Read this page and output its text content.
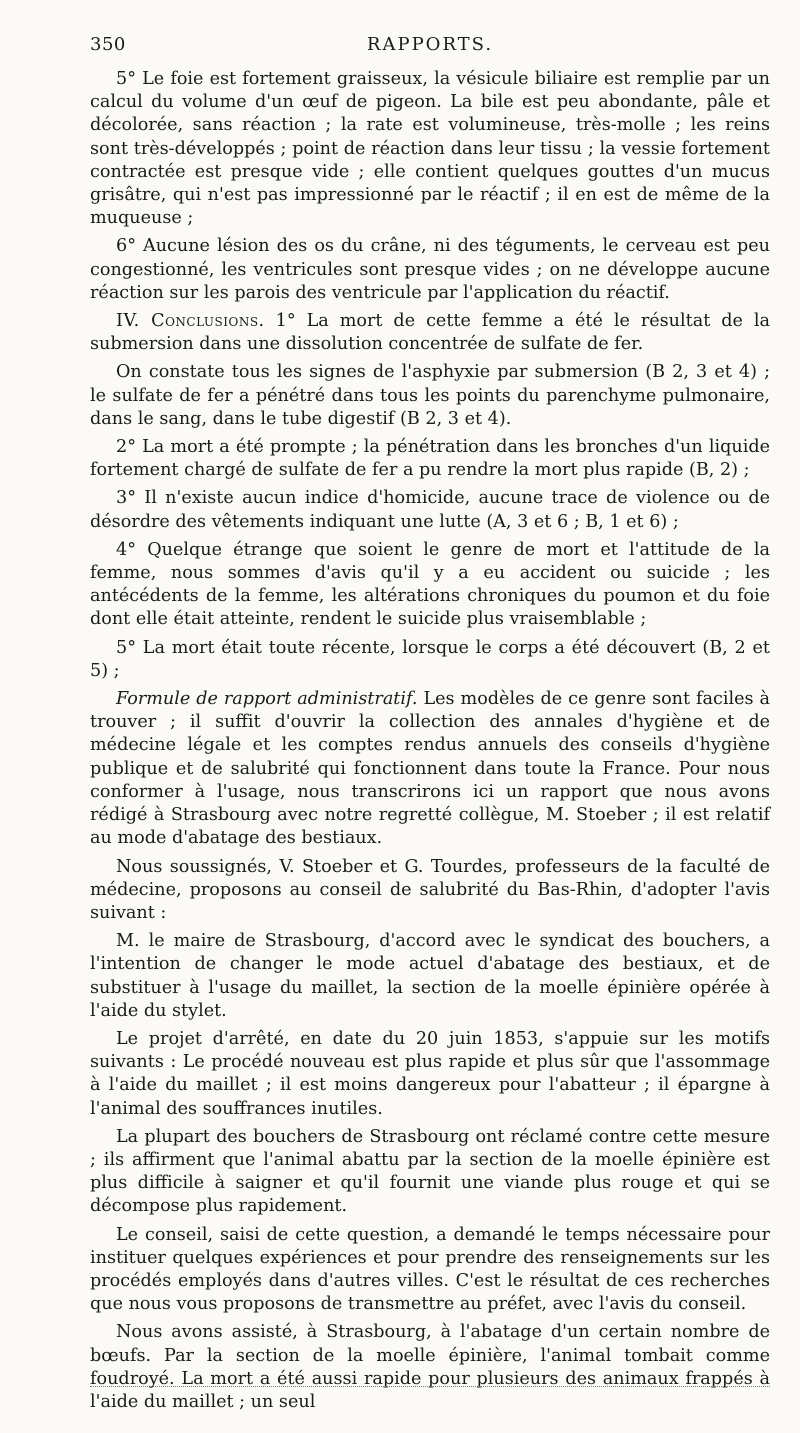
350	RAPPORTS.

5° Le foie est fortement graisseux, la vésicule biliaire est remplie par un calcul du volume d'un œuf de pigeon. La bile est peu abondante, pâle et décolorée, sans réaction ; la rate est volumineuse, très-molle ; les reins sont très-développés ; point de réaction dans leur tissu ; la vessie fortement contractée est presque vide ; elle contient quelques gouttes d'un mucus grisâtre, qui n'est pas impressionné par le réactif ; il en est de même de la muqueuse ;

6° Aucune lésion des os du crâne, ni des téguments, le cerveau est peu congestionné, les ventricules sont presque vides ; on ne développe aucune réaction sur les parois des ventricule par l'application du réactif.

IV. Conclusions. 1° La mort de cette femme a été le résultat de la submersion dans une dissolution concentrée de sulfate de fer.

On constate tous les signes de l'asphyxie par submersion (B 2, 3 et 4) ; le sulfate de fer a pénétré dans tous les points du parenchyme pulmonaire, dans le sang, dans le tube digestif (B 2, 3 et 4).

2° La mort a été prompte ; la pénétration dans les bronches d'un liquide fortement chargé de sulfate de fer a pu rendre la mort plus rapide (B, 2) ;

3° Il n'existe aucun indice d'homicide, aucune trace de violence ou de désordre des vêtements indiquant une lutte (A, 3 et 6 ; B, 1 et 6) ;

4° Quelque étrange que soient le genre de mort et l'attitude de la femme, nous sommes d'avis qu'il y a eu accident ou suicide ; les antécédents de la femme, les altérations chroniques du poumon et du foie dont elle était atteinte, rendent le suicide plus vraisemblable ;

5° La mort était toute récente, lorsque le corps a été découvert (B, 2 et 5) ;

Formule de rapport administratif. Les modèles de ce genre sont faciles à trouver ; il suffit d'ouvrir la collection des annales d'hygiène et de médecine légale et les comptes rendus annuels des conseils d'hygiène publique et de salubrité qui fonctionnent dans toute la France. Pour nous conformer à l'usage, nous transcrirons ici un rapport que nous avons rédigé à Strasbourg avec notre regretté collègue, M. Stoeber ; il est relatif au mode d'abatage des bestiaux.

Nous soussignés, V. Stoeber et G. Tourdes, professeurs de la faculté de médecine, proposons au conseil de salubrité du Bas-Rhin, d'adopter l'avis suivant :

M. le maire de Strasbourg, d'accord avec le syndicat des bouchers, a l'intention de changer le mode actuel d'abatage des bestiaux, et de substituer à l'usage du maillet, la section de la moelle épinière opérée à l'aide du stylet.

Le projet d'arrêté, en date du 20 juin 1853, s'appuie sur les motifs suivants : Le procédé nouveau est plus rapide et plus sûr que l'assommage à l'aide du maillet ; il est moins dangereux pour l'abatteur ; il épargne à l'animal des souffrances inutiles.

La plupart des bouchers de Strasbourg ont réclamé contre cette mesure ; ils affirment que l'animal abattu par la section de la moelle épinière est plus difficile à saigner et qu'il fournit une viande plus rouge et qui se décompose plus rapidement.

Le conseil, saisi de cette question, a demandé le temps nécessaire pour instituer quelques expériences et pour prendre des renseignements sur les procédés employés dans d'autres villes. C'est le résultat de ces recherches que nous vous proposons de transmettre au préfet, avec l'avis du conseil.

Nous avons assisté, à Strasbourg, à l'abatage d'un certain nombre de bœufs. Par la section de la moelle épinière, l'animal tombait comme foudroyé. La mort a été aussi rapide pour plusieurs des animaux frappés à l'aide du maillet ; un seul
